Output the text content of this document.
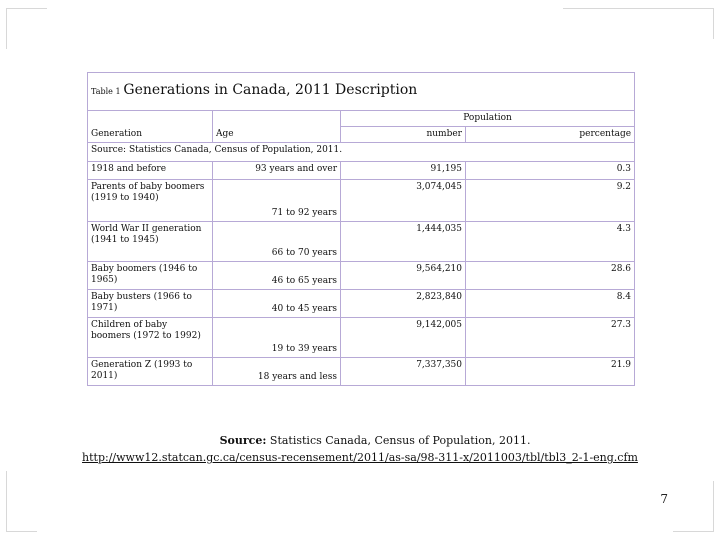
Table 1 Generations in Canada, 2011 Description			
Generation	Age	Population	
		number	percentage
Source: Statistics Canada, Census of Population, 2011.			
1918 and before	93 years and over	91,195	0.3
Parents of baby boomers (1919 to 1940)	71 to 92 years	3,074,045	9.2
World War II generation (1941 to 1945)	66 to 70 years	1,444,035	4.3
Baby boomers (1946 to 1965)	46 to 65 years	9,564,210	28.6
Baby busters (1966 to 1971)	40 to 45 years	2,823,840	8.4
Children of baby boomers (1972 to 1992)	19 to 39 years	9,142,005	27.3
Generation Z (1993 to 2011)	18 years and less	7,337,350	21.9
Source: Statistics Canada, Census of Population, 2011.
http://www12.statcan.gc.ca/census-recensement/2011/as-sa/98-311-x/2011003/tbl/tbl3_2-1-eng.cfm
7
